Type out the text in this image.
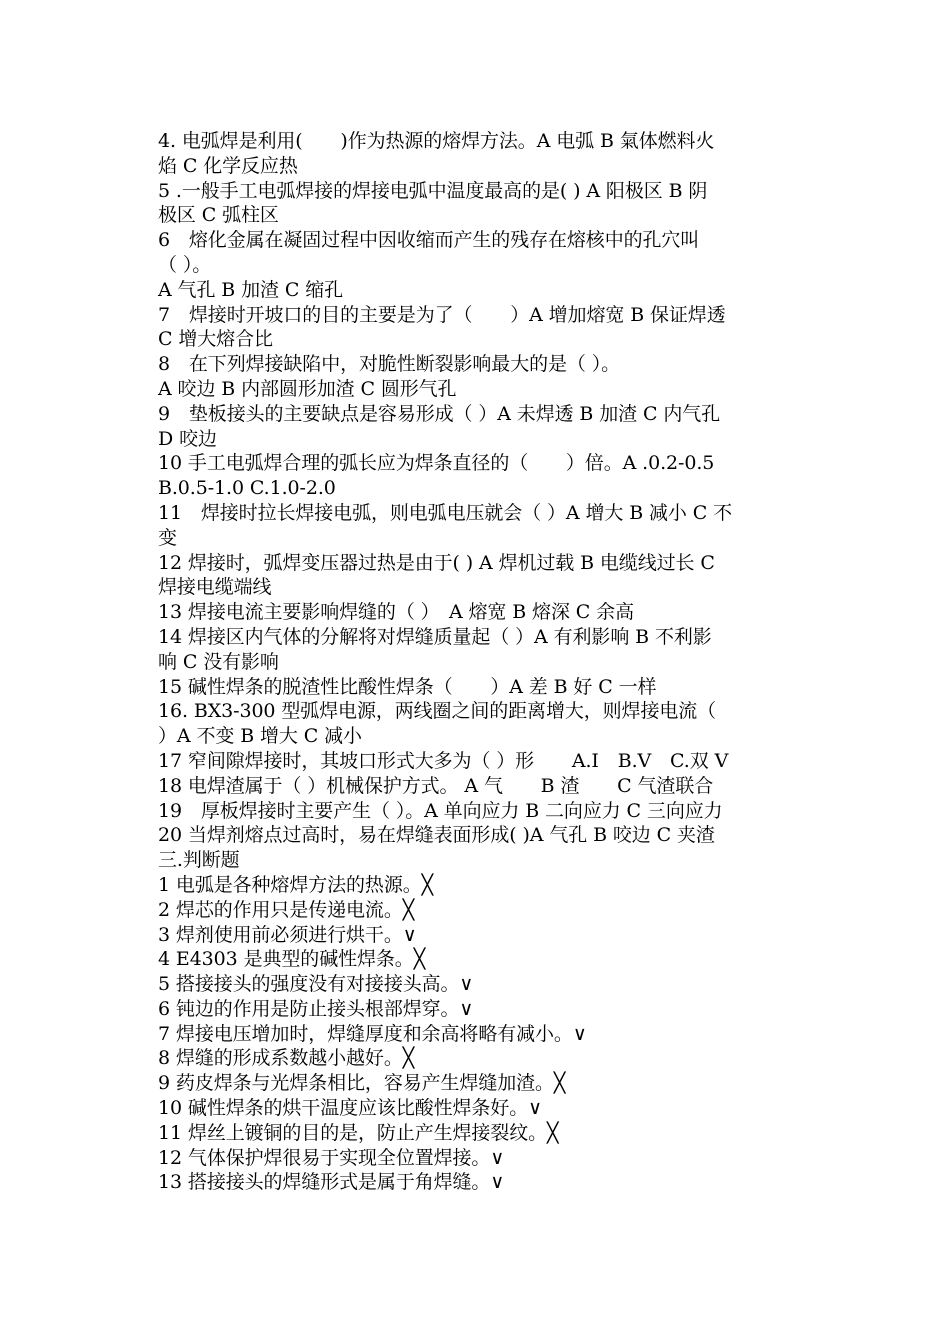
4. 电弧焊是利用(　　)作为热源的熔焊方法。A 电弧 B 氣体燃料火
焰 C 化学反应热
5 .一般手工电弧焊接的焊接电弧中温度最高的是( ) A 阳极区 B 阴
极区 C 弧柱区
6　熔化金属在凝固过程中因收缩而产生的残存在熔核中的孔穴叫
（ ）。
A 气孔 B 加渣 C 缩孔
7　焊接时开坡口的目的主要是为了（　　）A 增加熔宽 B 保证焊透
C 增大熔合比
8　在下列焊接缺陷中，对脆性断裂影响最大的是（ ）。
A 咬边 B 内部圆形加渣 C 圆形气孔
9　垫板接头的主要缺点是容易形成（ ）A 未焊透 B 加渣 C 内气孔
D 咬边
10 手工电弧焊合理的弧长应为焊条直径的（　　）倍。A .0.2-0.5
B.0.5-1.0 C.1.0-2.0
11　焊接时拉长焊接电弧，则电弧电压就会（ ）A 增大 B 减小 C 不
变
12 焊接时，弧焊变压器过热是由于( ) A 焊机过载 B 电缆线过长 C
焊接电缆端线
13 焊接电流主要影响焊缝的（ ）　A 熔宽 B 熔深 C 余高
14 焊接区内气体的分解将对焊缝质量起（ ）A 有利影响 B 不利影
响 C 没有影响
15 碱性焊条的脱渣性比酸性焊条（　　）A 差 B 好 C 一样
16. BX3-300 型弧焊电源，两线圈之间的距离增大，则焊接电流（
）A 不变 B 增大 C 减小
17 窄间隙焊接时，其坡口形式大多为（ ）形　　A.I　B.V　C.双 V
18 电焊渣属于（ ）机械保护方式。 A 气　　B 渣　　C 气渣联合
19　厚板焊接时主要产生（ ）。A 单向应力 B 二向应力 C 三向应力
20 当焊剂熔点过高时，易在焊缝表面形成( )A 气孔 B 咬边 C 夹渣
三.判断题
1 电弧是各种熔焊方法的热源。╳
2 焊芯的作用只是传递电流。╳
3 焊剂使用前必须进行烘干。∨
4 E4303 是典型的碱性焊条。╳
5 搭接接头的强度没有对接接头高。∨
6 钝边的作用是防止接头根部焊穿。∨
7 焊接电压增加时，焊缝厚度和余高将略有减小。∨
8 焊缝的形成系数越小越好。╳
9 药皮焊条与光焊条相比，容易产生焊缝加渣。╳
10 碱性焊条的烘干温度应该比酸性焊条好。∨
11 焊丝上镀铜的目的是，防止产生焊接裂纹。╳
12 气体保护焊很易于实现全位置焊接。∨
13 搭接接头的焊缝形式是属于角焊缝。∨
